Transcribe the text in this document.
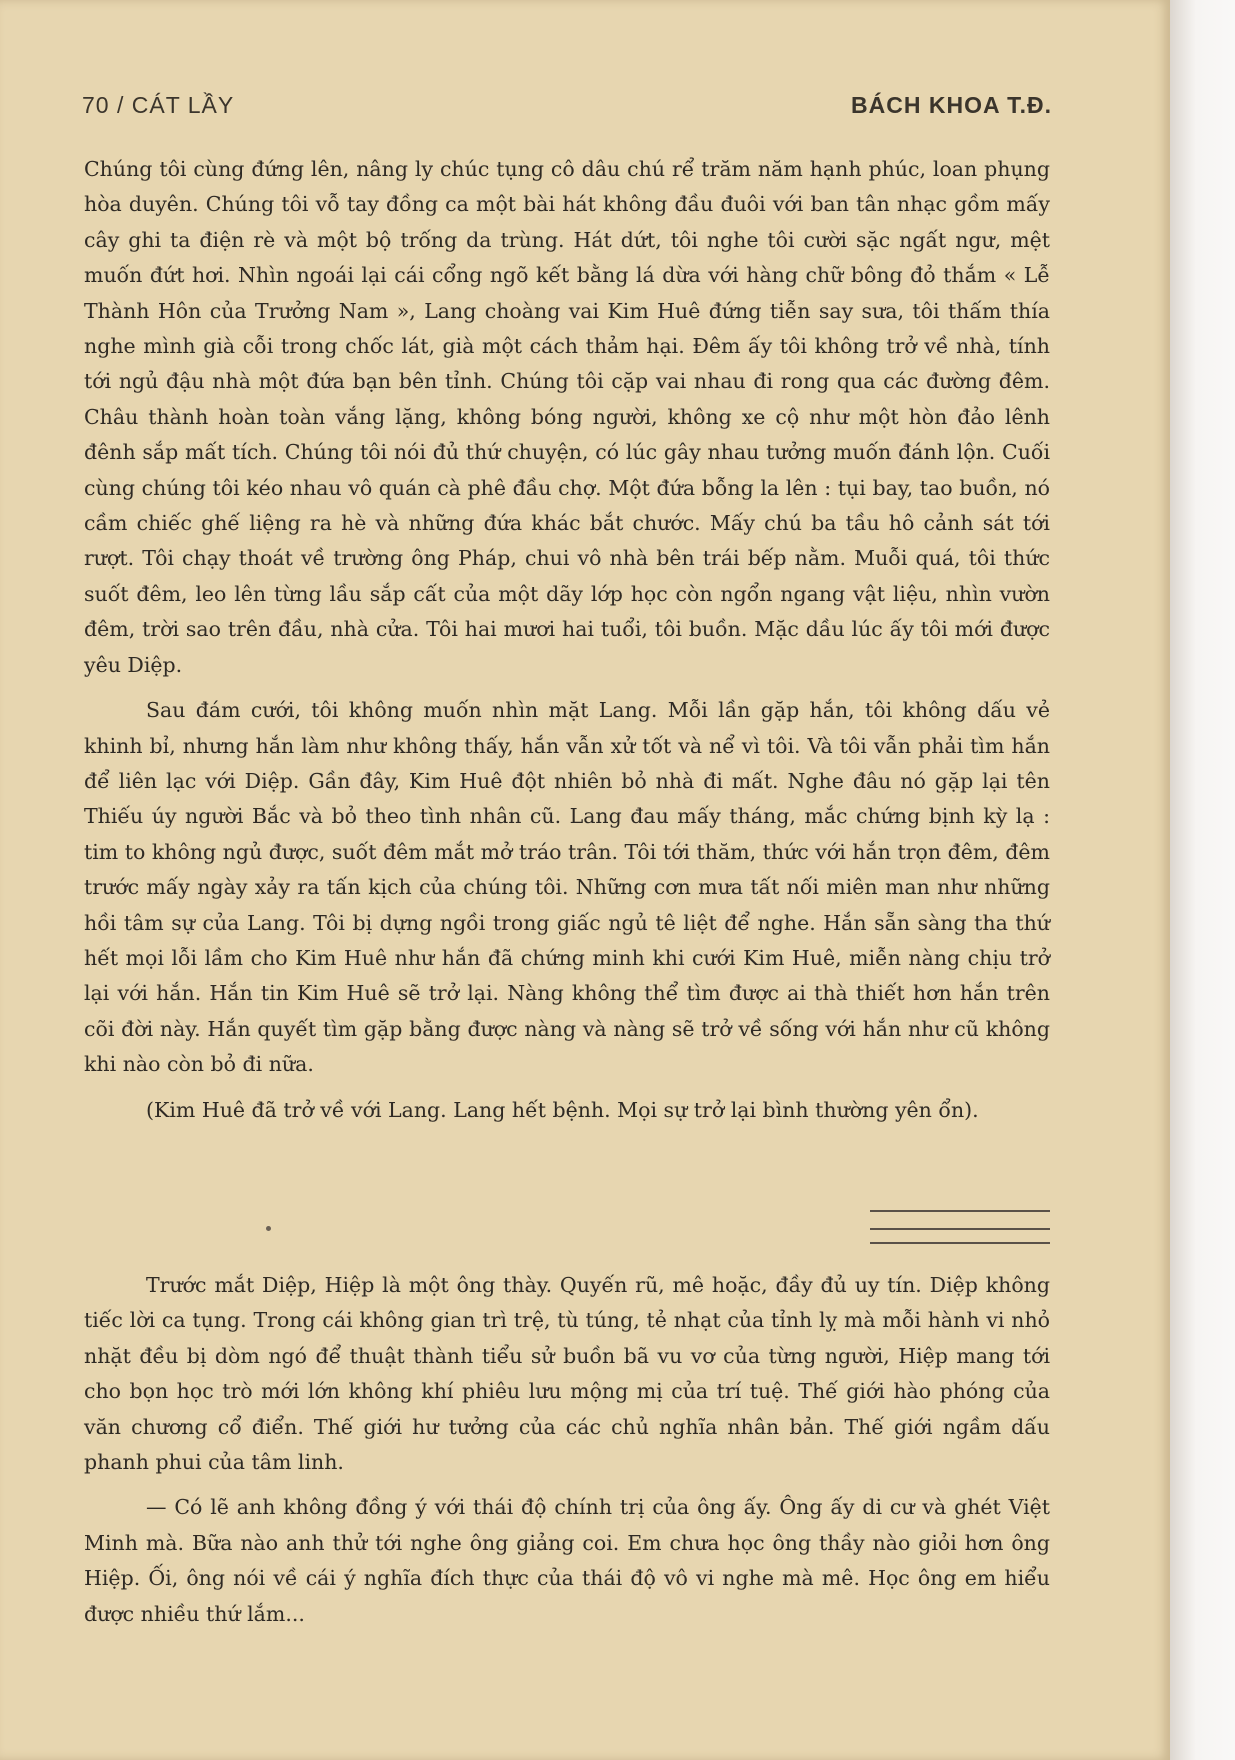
70 / CÁT LẦY	BÁCH KHOA T.Đ.

Chúng tôi cùng đứng lên, nâng ly chúc tụng cô dâu chú rể trăm năm hạnh phúc, loan phụng hòa duyên. Chúng tôi vỗ tay đồng ca một bài hát không đầu đuôi với ban tân nhạc gồm mấy cây ghi ta điện rè và một bộ trống da trùng. Hát dứt, tôi nghe tôi cười sặc ngất ngư, mệt muốn đứt hơi. Nhìn ngoái lại cái cổng ngõ kết bằng lá dừa với hàng chữ bông đỏ thắm « Lễ Thành Hôn của Trưởng Nam », Lang choàng vai Kim Huê đứng tiễn say sưa, tôi thấm thía nghe mình già cỗi trong chốc lát, già một cách thảm hại. Đêm ấy tôi không trở về nhà, tính tới ngủ đậu nhà một đứa bạn bên tỉnh. Chúng tôi cặp vai nhau đi rong qua các đường đêm. Châu thành hoàn toàn vắng lặng, không bóng người, không xe cộ như một hòn đảo lênh đênh sắp mất tích. Chúng tôi nói đủ thứ chuyện, có lúc gây nhau tưởng muốn đánh lộn. Cuối cùng chúng tôi kéo nhau vô quán cà phê đầu chợ. Một đứa bỗng la lên : tụi bay, tao buồn, nó cầm chiếc ghế liệng ra hè và những đứa khác bắt chước. Mấy chú ba tầu hô cảnh sát tới rượt. Tôi chạy thoát về trường ông Pháp, chui vô nhà bên trái bếp nằm. Muỗi quá, tôi thức suốt đêm, leo lên từng lầu sắp cất của một dãy lớp học còn ngổn ngang vật liệu, nhìn vườn đêm, trời sao trên đầu, nhà cửa. Tôi hai mươi hai tuổi, tôi buồn. Mặc dầu lúc ấy tôi mới được yêu Diệp.

Sau đám cưới, tôi không muốn nhìn mặt Lang. Mỗi lần gặp hắn, tôi không dấu vẻ khinh bỉ, nhưng hắn làm như không thấy, hắn vẫn xử tốt và nể vì tôi. Và tôi vẫn phải tìm hắn để liên lạc với Diệp. Gần đây, Kim Huê đột nhiên bỏ nhà đi mất. Nghe đâu nó gặp lại tên Thiếu úy người Bắc và bỏ theo tình nhân cũ. Lang đau mấy tháng, mắc chứng bịnh kỳ lạ : tim to không ngủ được, suốt đêm mắt mở tráo trân. Tôi tới thăm, thức với hắn trọn đêm, đêm trước mấy ngày xảy ra tấn kịch của chúng tôi. Những cơn mưa tất nối miên man như những hồi tâm sự của Lang. Tôi bị dựng ngồi trong giấc ngủ tê liệt để nghe. Hắn sẵn sàng tha thứ hết mọi lỗi lầm cho Kim Huê như hắn đã chứng minh khi cưới Kim Huê, miễn nàng chịu trở lại với hắn. Hắn tin Kim Huê sẽ trở lại. Nàng không thể tìm được ai thà thiết hơn hắn trên cõi đời này. Hắn quyết tìm gặp bằng được nàng và nàng sẽ trở về sống với hắn như cũ không khi nào còn bỏ đi nữa.

(Kim Huê đã trở về với Lang. Lang hết bệnh. Mọi sự trở lại bình thường yên ổn).

Trước mắt Diệp, Hiệp là một ông thày. Quyến rũ, mê hoặc, đầy đủ uy tín. Diệp không tiếc lời ca tụng. Trong cái không gian trì trệ, tù túng, tẻ nhạt của tỉnh lỵ mà mỗi hành vi nhỏ nhặt đều bị dòm ngó để thuật thành tiểu sử buồn bã vu vơ của từng người, Hiệp mang tới cho bọn học trò mới lớn không khí phiêu lưu mộng mị của trí tuệ. Thế giới hào phóng của văn chương cổ điển. Thế giới hư tưởng của các chủ nghĩa nhân bản. Thế giới ngầm dấu phanh phui của tâm linh.

— Có lẽ anh không đồng ý với thái độ chính trị của ông ấy. Ông ấy di cư và ghét Việt Minh mà. Bữa nào anh thử tới nghe ông giảng coi. Em chưa học ông thầy nào giỏi hơn ông Hiệp. Ối, ông nói về cái ý nghĩa đích thực của thái độ vô vi nghe mà mê. Học ông em hiểu được nhiều thứ lắm...
